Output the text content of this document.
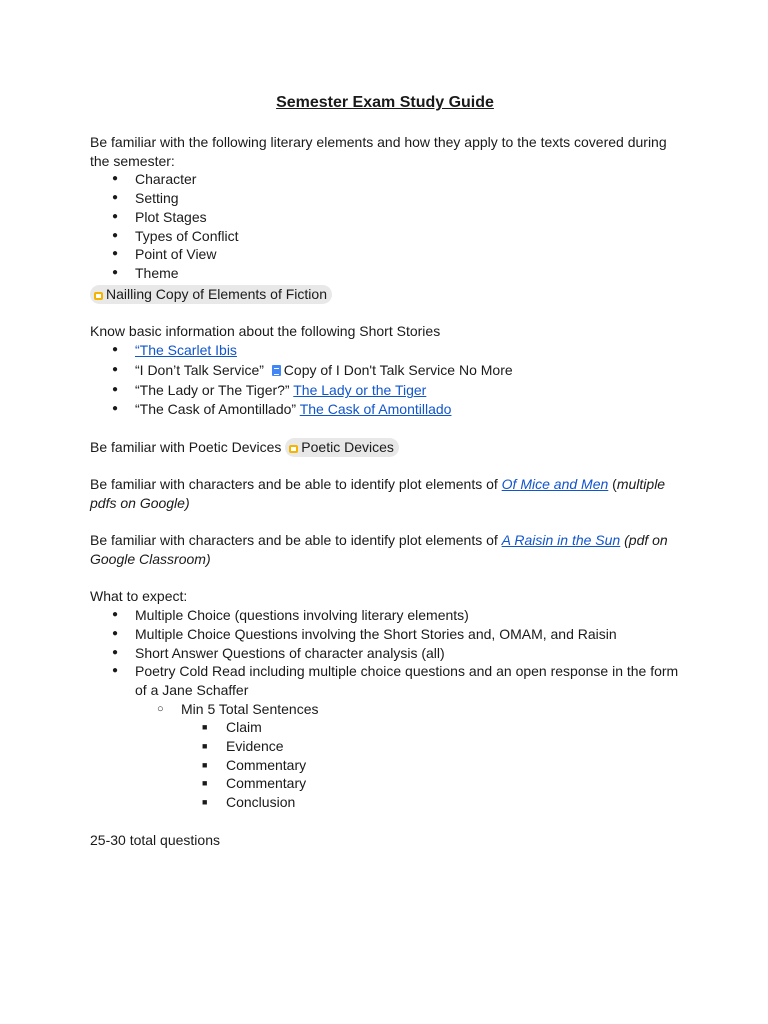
Semester Exam Study Guide

Be familiar with the following literary elements and how they apply to the texts covered during the semester:

● Character
● Setting
● Plot Stages
● Types of Conflict
● Point of View
● Theme

Nailling Copy of Elements of Fiction

Know basic information about the following Short Stories

● “The Scarlet Ibis
● “I Don’t Talk Service” Copy of I Don't Talk Service No More
● “The Lady or The Tiger?” The Lady or the Tiger
● “The Cask of Amontillado” The Cask of Amontillado

Be familiar with Poetic Devices Poetic Devices

Be familiar with characters and be able to identify plot elements of Of Mice and Men (multiple pdfs on Google)

Be familiar with characters and be able to identify plot elements of A Raisin in the Sun (pdf on Google Classroom)

What to expect:

● Multiple Choice (questions involving literary elements)
● Multiple Choice Questions involving the Short Stories and, OMAM, and Raisin
● Short Answer Questions of character analysis (all)
● Poetry Cold Read including multiple choice questions and an open response in the form of a Jane Schaffer
○ Min 5 Total Sentences
■ Claim
■ Evidence
■ Commentary
■ Commentary
■ Conclusion

25-30 total questions
